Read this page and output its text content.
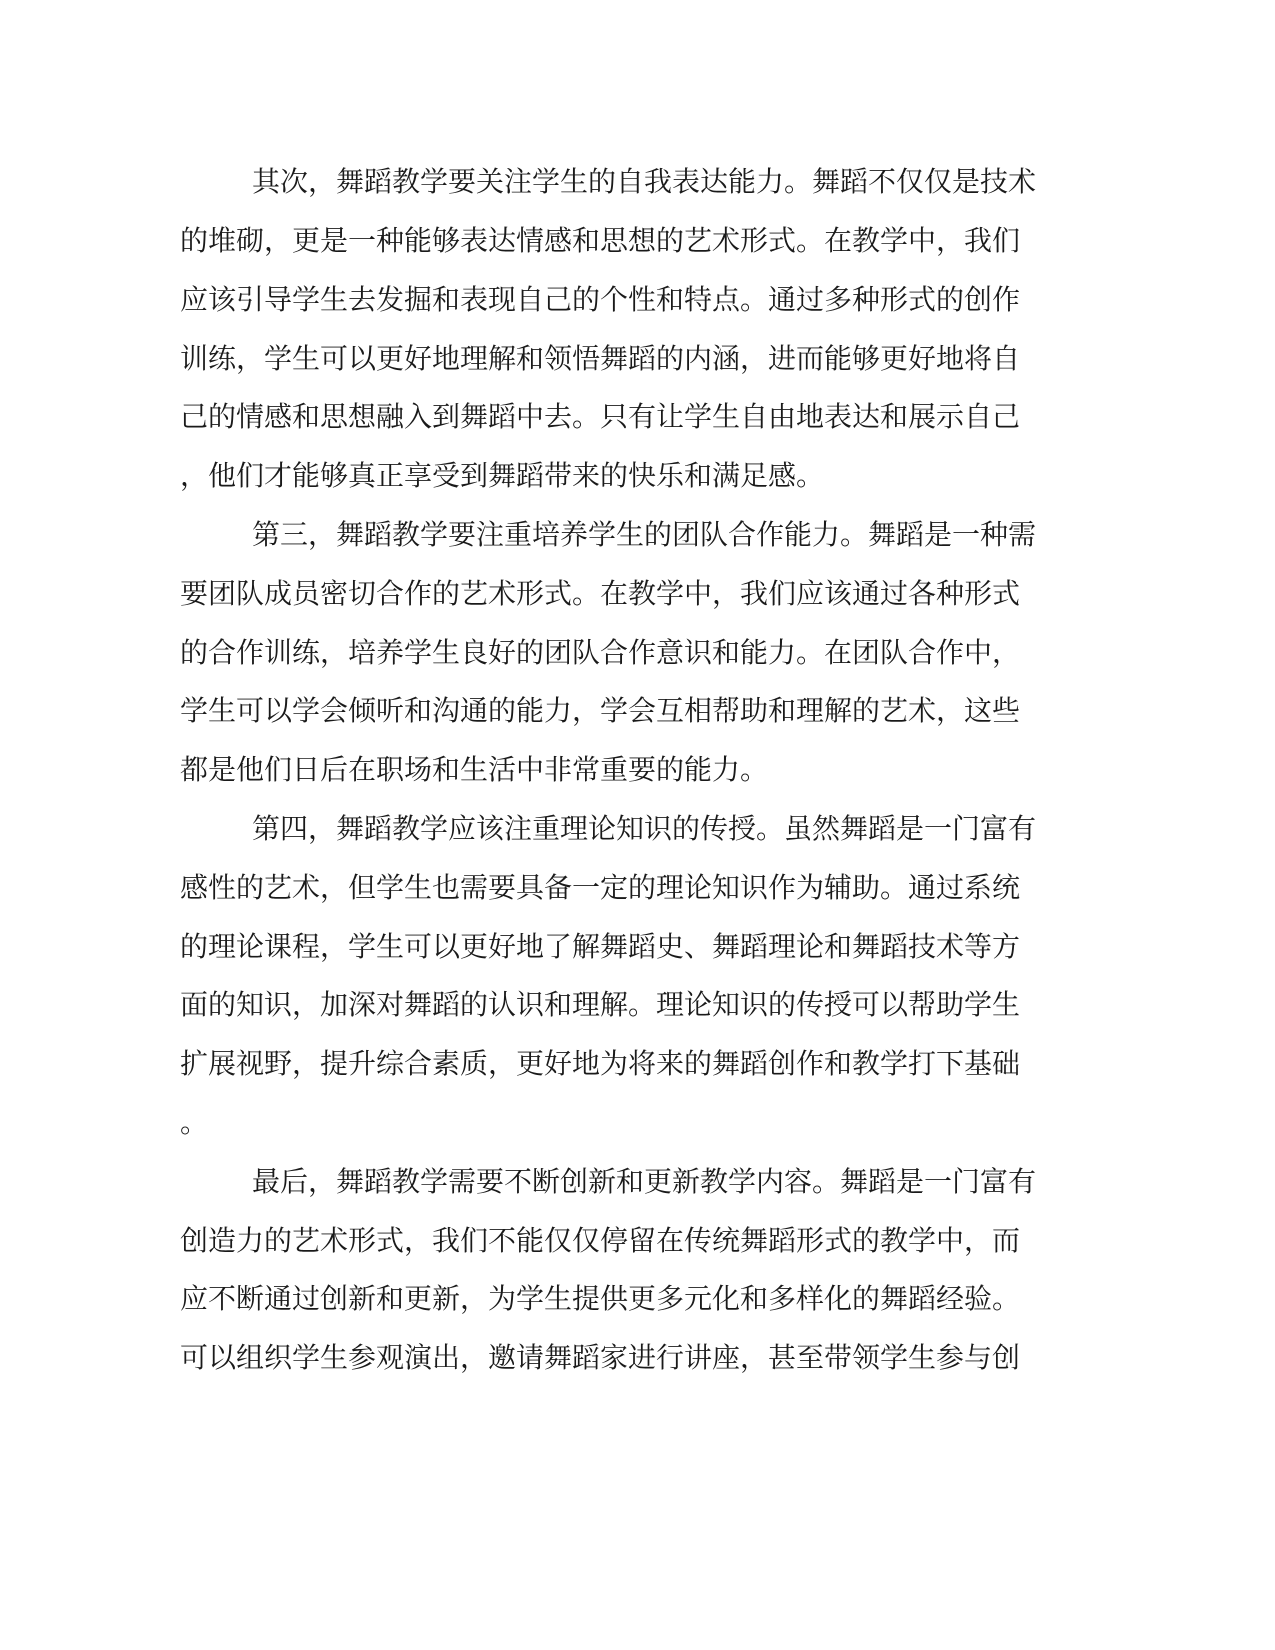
其次，舞蹈教学要关注学生的自我表达能力。舞蹈不仅仅是技术

的堆砌，更是一种能够表达情感和思想的艺术形式。在教学中，我们

应该引导学生去发掘和表现自己的个性和特点。通过多种形式的创作

训练，学生可以更好地理解和领悟舞蹈的内涵，进而能够更好地将自

己的情感和思想融入到舞蹈中去。只有让学生自由地表达和展示自己

，他们才能够真正享受到舞蹈带来的快乐和满足感。

第三，舞蹈教学要注重培养学生的团队合作能力。舞蹈是一种需

要团队成员密切合作的艺术形式。在教学中，我们应该通过各种形式

的合作训练，培养学生良好的团队合作意识和能力。在团队合作中，

学生可以学会倾听和沟通的能力，学会互相帮助和理解的艺术，这些

都是他们日后在职场和生活中非常重要的能力。

第四，舞蹈教学应该注重理论知识的传授。虽然舞蹈是一门富有

感性的艺术，但学生也需要具备一定的理论知识作为辅助。通过系统

的理论课程，学生可以更好地了解舞蹈史、舞蹈理论和舞蹈技术等方

面的知识，加深对舞蹈的认识和理解。理论知识的传授可以帮助学生

扩展视野，提升综合素质，更好地为将来的舞蹈创作和教学打下基础

。

最后，舞蹈教学需要不断创新和更新教学内容。舞蹈是一门富有

创造力的艺术形式，我们不能仅仅停留在传统舞蹈形式的教学中，而

应不断通过创新和更新，为学生提供更多元化和多样化的舞蹈经验。

可以组织学生参观演出，邀请舞蹈家进行讲座，甚至带领学生参与创
